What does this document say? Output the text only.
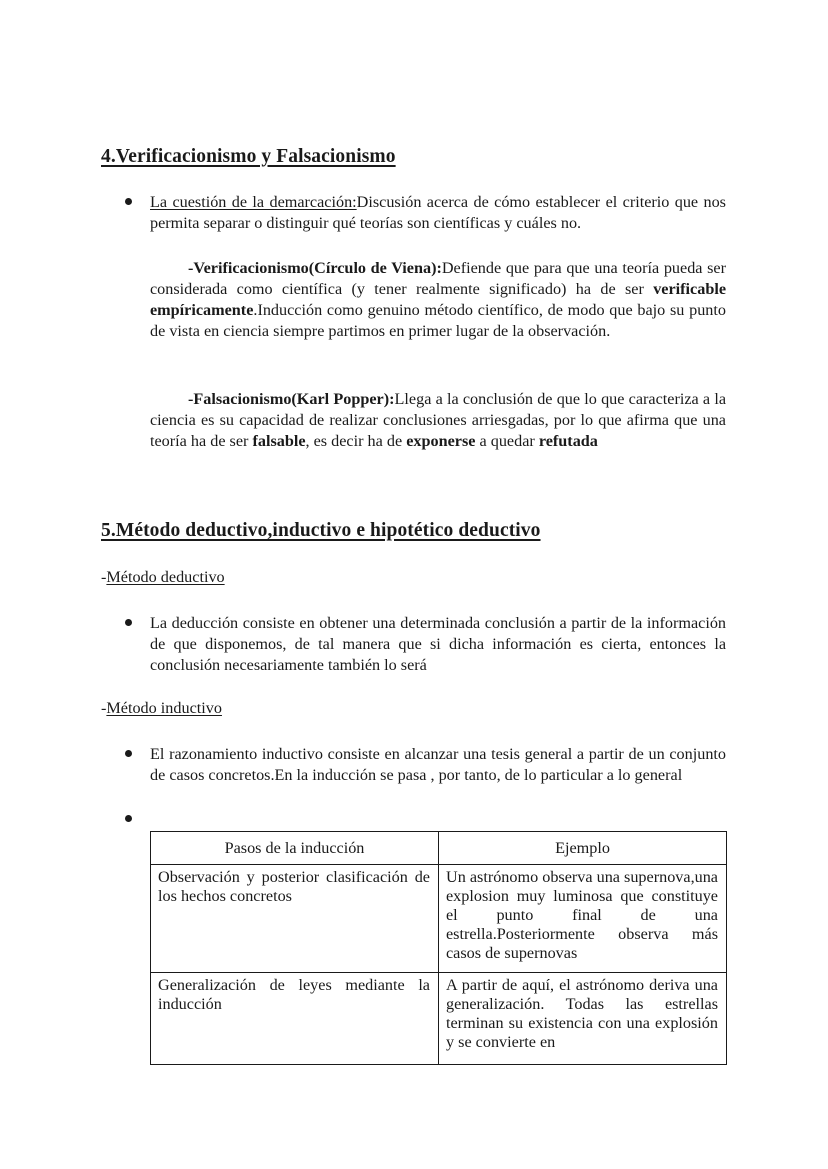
4.Verificacionismo y Falsacionismo

La cuestión de la demarcación:Discusión acerca de cómo establecer el criterio que nos permita separar o distinguir qué teorías son científicas y cuáles no.

-Verificacionismo(Círculo de Viena):Defiende que para que una teoría pueda ser considerada como científica (y tener realmente significado) ha de ser verificable empíricamente.Inducción como genuino método científico, de modo que bajo su punto de vista en ciencia siempre partimos en primer lugar de la observación.

-Falsacionismo(Karl Popper):Llega a la conclusión de que lo que caracteriza a la ciencia es su capacidad de realizar conclusiones arriesgadas, por lo que afirma que una teoría ha de ser falsable, es decir ha de exponerse a quedar refutada

5.Método deductivo,inductivo e hipotético deductivo

-Método deductivo

La deducción consiste en obtener una determinada conclusión a partir de la información de que disponemos, de tal manera que si dicha información es cierta, entonces la conclusión necesariamente también lo será

-Método inductivo

El razonamiento inductivo consiste en alcanzar una tesis general a partir de un conjunto de casos concretos.En la inducción se pasa , por tanto, de lo particular a lo general

Pasos de la inducción	Ejemplo
Observación y posterior clasificación de los hechos concretos	Un astrónomo observa una supernova,una explosion muy luminosa que constituye el punto final de una estrella.Posteriormente observa más casos de supernovas
Generalización de leyes mediante la inducción	A partir de aquí, el astrónomo deriva una generalización. Todas las estrellas terminan su existencia con una explosión y se convierte en
